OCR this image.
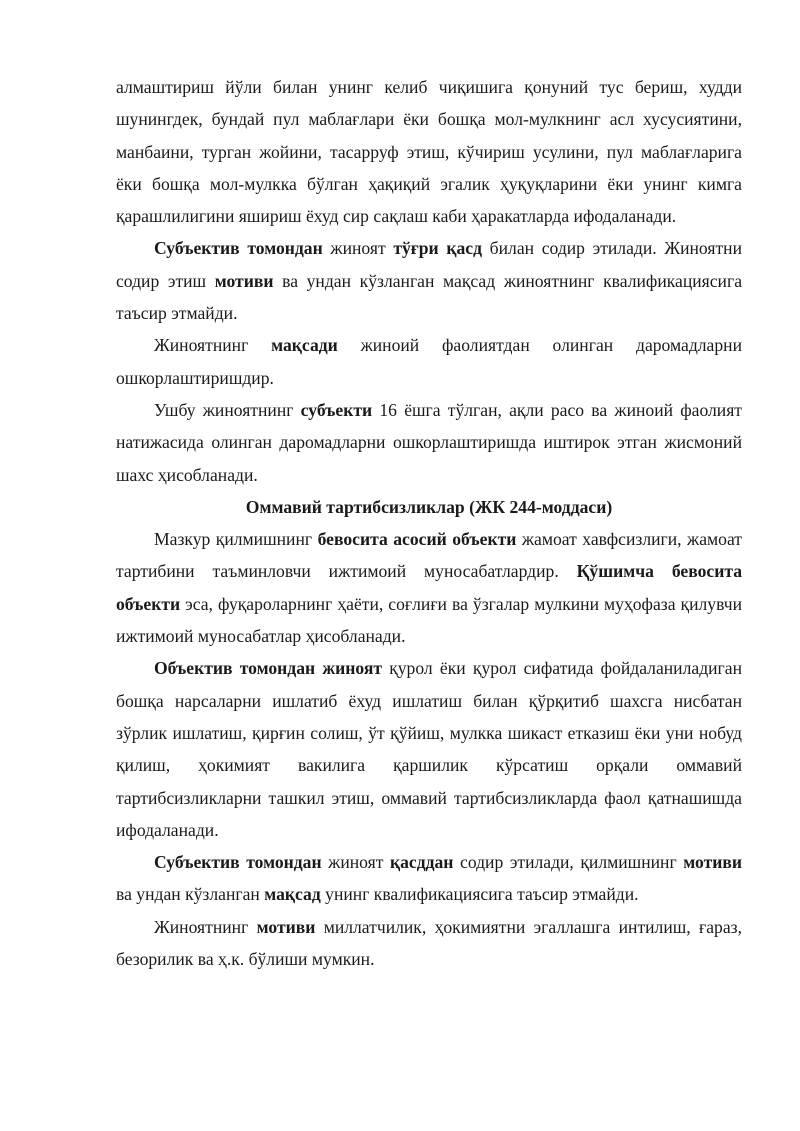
алмаштириш йўли билан унинг келиб чиқишига қонуний тус бериш, худди шунингдек, бундай пул маблағлари ёки бошқа мол-мулкнинг асл хусусиятини, манбаини, турган жойини, тасарруф этиш, кўчириш усулини, пул маблағларига ёки бошқа мол-мулкка бўлган ҳақиқий эгалик ҳуқуқларини ёки унинг кимга қарашлилигини яшириш ёхуд сир сақлаш каби ҳаракатларда ифодаланади.

Субъектив томондан жиноят тўғри қасд билан содир этилади. Жиноятни содир этиш мотиви ва ундан кўзланган мақсад жиноятнинг квалификациясига таъсир этмайди.

Жиноятнинг мақсади жиноий фаолиятдан олинган даромадларни ошкорлаштиришдир.

Ушбу жиноятнинг субъекти 16 ёшга тўлган, ақли расо ва жиноий фаолият натижасида олинган даромадларни ошкорлаштиришда иштирок этган жисмоний шахс ҳисобланади.

Оммавий тартибсизликлар (ЖК 244-моддаси)

Мазкур қилмишнинг бевосита асосий объекти жамоат хавфсизлиги, жамоат тартибини таъминловчи ижтимоий муносабатлардир. Қўшимча бевосита объекти эса, фуқароларнинг ҳаёти, соғлиғи ва ўзгалар мулкини муҳофаза қилувчи ижтимоий муносабатлар ҳисобланади.

Объектив томондан жиноят қурол ёки қурол сифатида фойдаланиладиган бошқа нарсаларни ишлатиб ёхуд ишлатиш билан қўрқитиб шахсга нисбатан зўрлик ишлатиш, қирғин солиш, ўт қўйиш, мулкка шикаст етказиш ёки уни нобуд қилиш, ҳокимият вакилига қаршилик кўрсатиш орқали оммавий тартибсизликларни ташкил этиш, оммавий тартибсизликларда фаол қатнашишда ифодаланади.

Субъектив томондан жиноят қасддан содир этилади, қилмишнинг мотиви ва ундан кўзланган мақсад унинг квалификациясига таъсир этмайди.

Жиноятнинг мотиви миллатчилик, ҳокимиятни эгаллашга интилиш, ғараз, безорилик ва ҳ.к. бўлиши мумкин.
